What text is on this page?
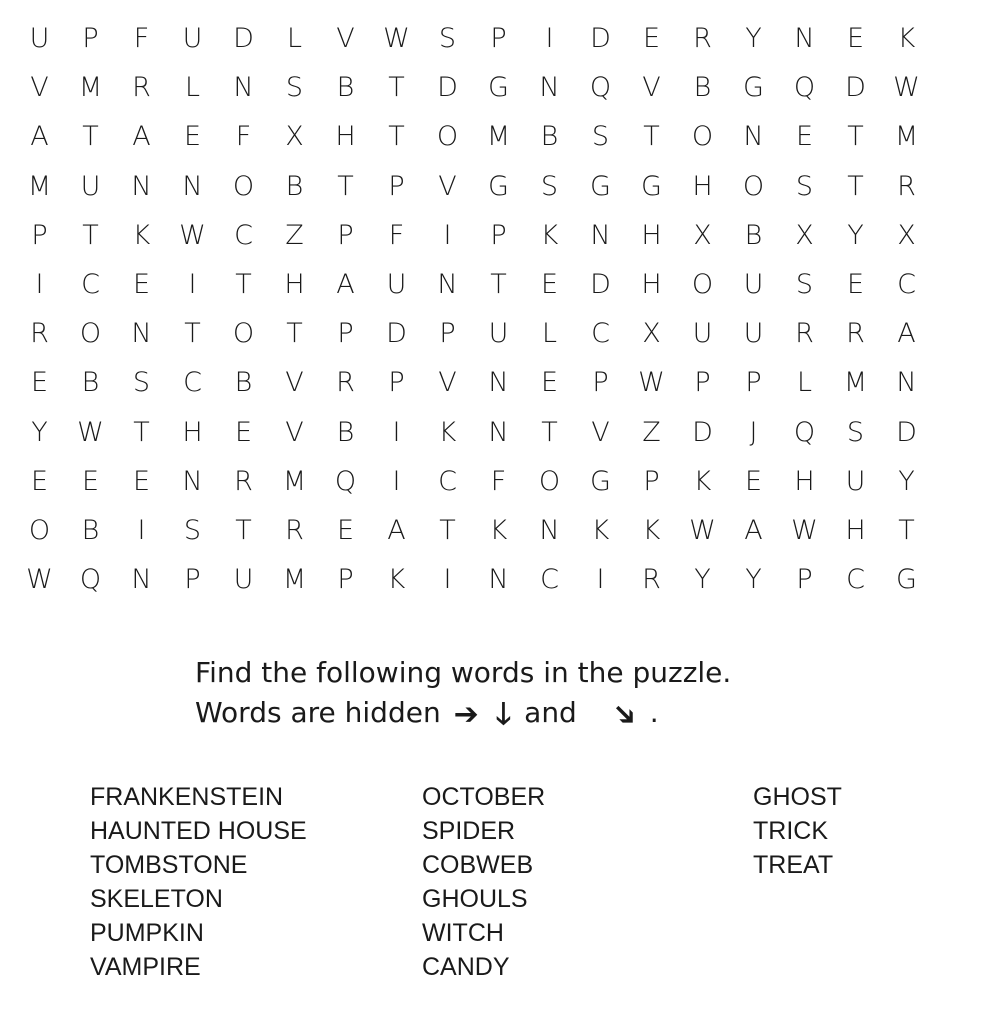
U	P	F	U	D	L	V	W	S	P	I	D	E	R	Y	N	E	K
V	M	R	L	N	S	B	T	D	G	N	Q	V	B	G	Q	D	W
A	T	A	E	F	X	H	T	O	M	B	S	T	O	N	E	T	M
M	U	N	N	O	B	T	P	V	G	S	G	G	H	O	S	T	R
P	T	K	W	C	Z	P	F	I	P	K	N	H	X	B	X	Y	X
I	C	E	I	T	H	A	U	N	T	E	D	H	O	U	S	E	C
R	O	N	T	O	T	P	D	P	U	L	C	X	U	U	R	R	A
E	B	S	C	B	V	R	P	V	N	E	P	W	P	P	L	M	N
Y	W	T	H	E	V	B	I	K	N	T	V	Z	D	J	Q	S	D
E	E	E	N	R	M	Q	I	C	F	O	G	P	K	E	H	U	Y
O	B	I	S	T	R	E	A	T	K	N	K	K	W	A	W	H	T
W	Q	N	P	U	M	P	K	I	N	C	I	R	Y	Y	P	C	G
Find the following words in the puzzle.
Words are hidden ➔ 🡓 and ➔ .
FRANKENSTEIN
HAUNTED HOUSE
TOMBSTONE
SKELETON
PUMPKIN
VAMPIRE
OCTOBER
SPIDER
COBWEB
GHOULS
WITCH
CANDY
GHOST
TRICK
TREAT
